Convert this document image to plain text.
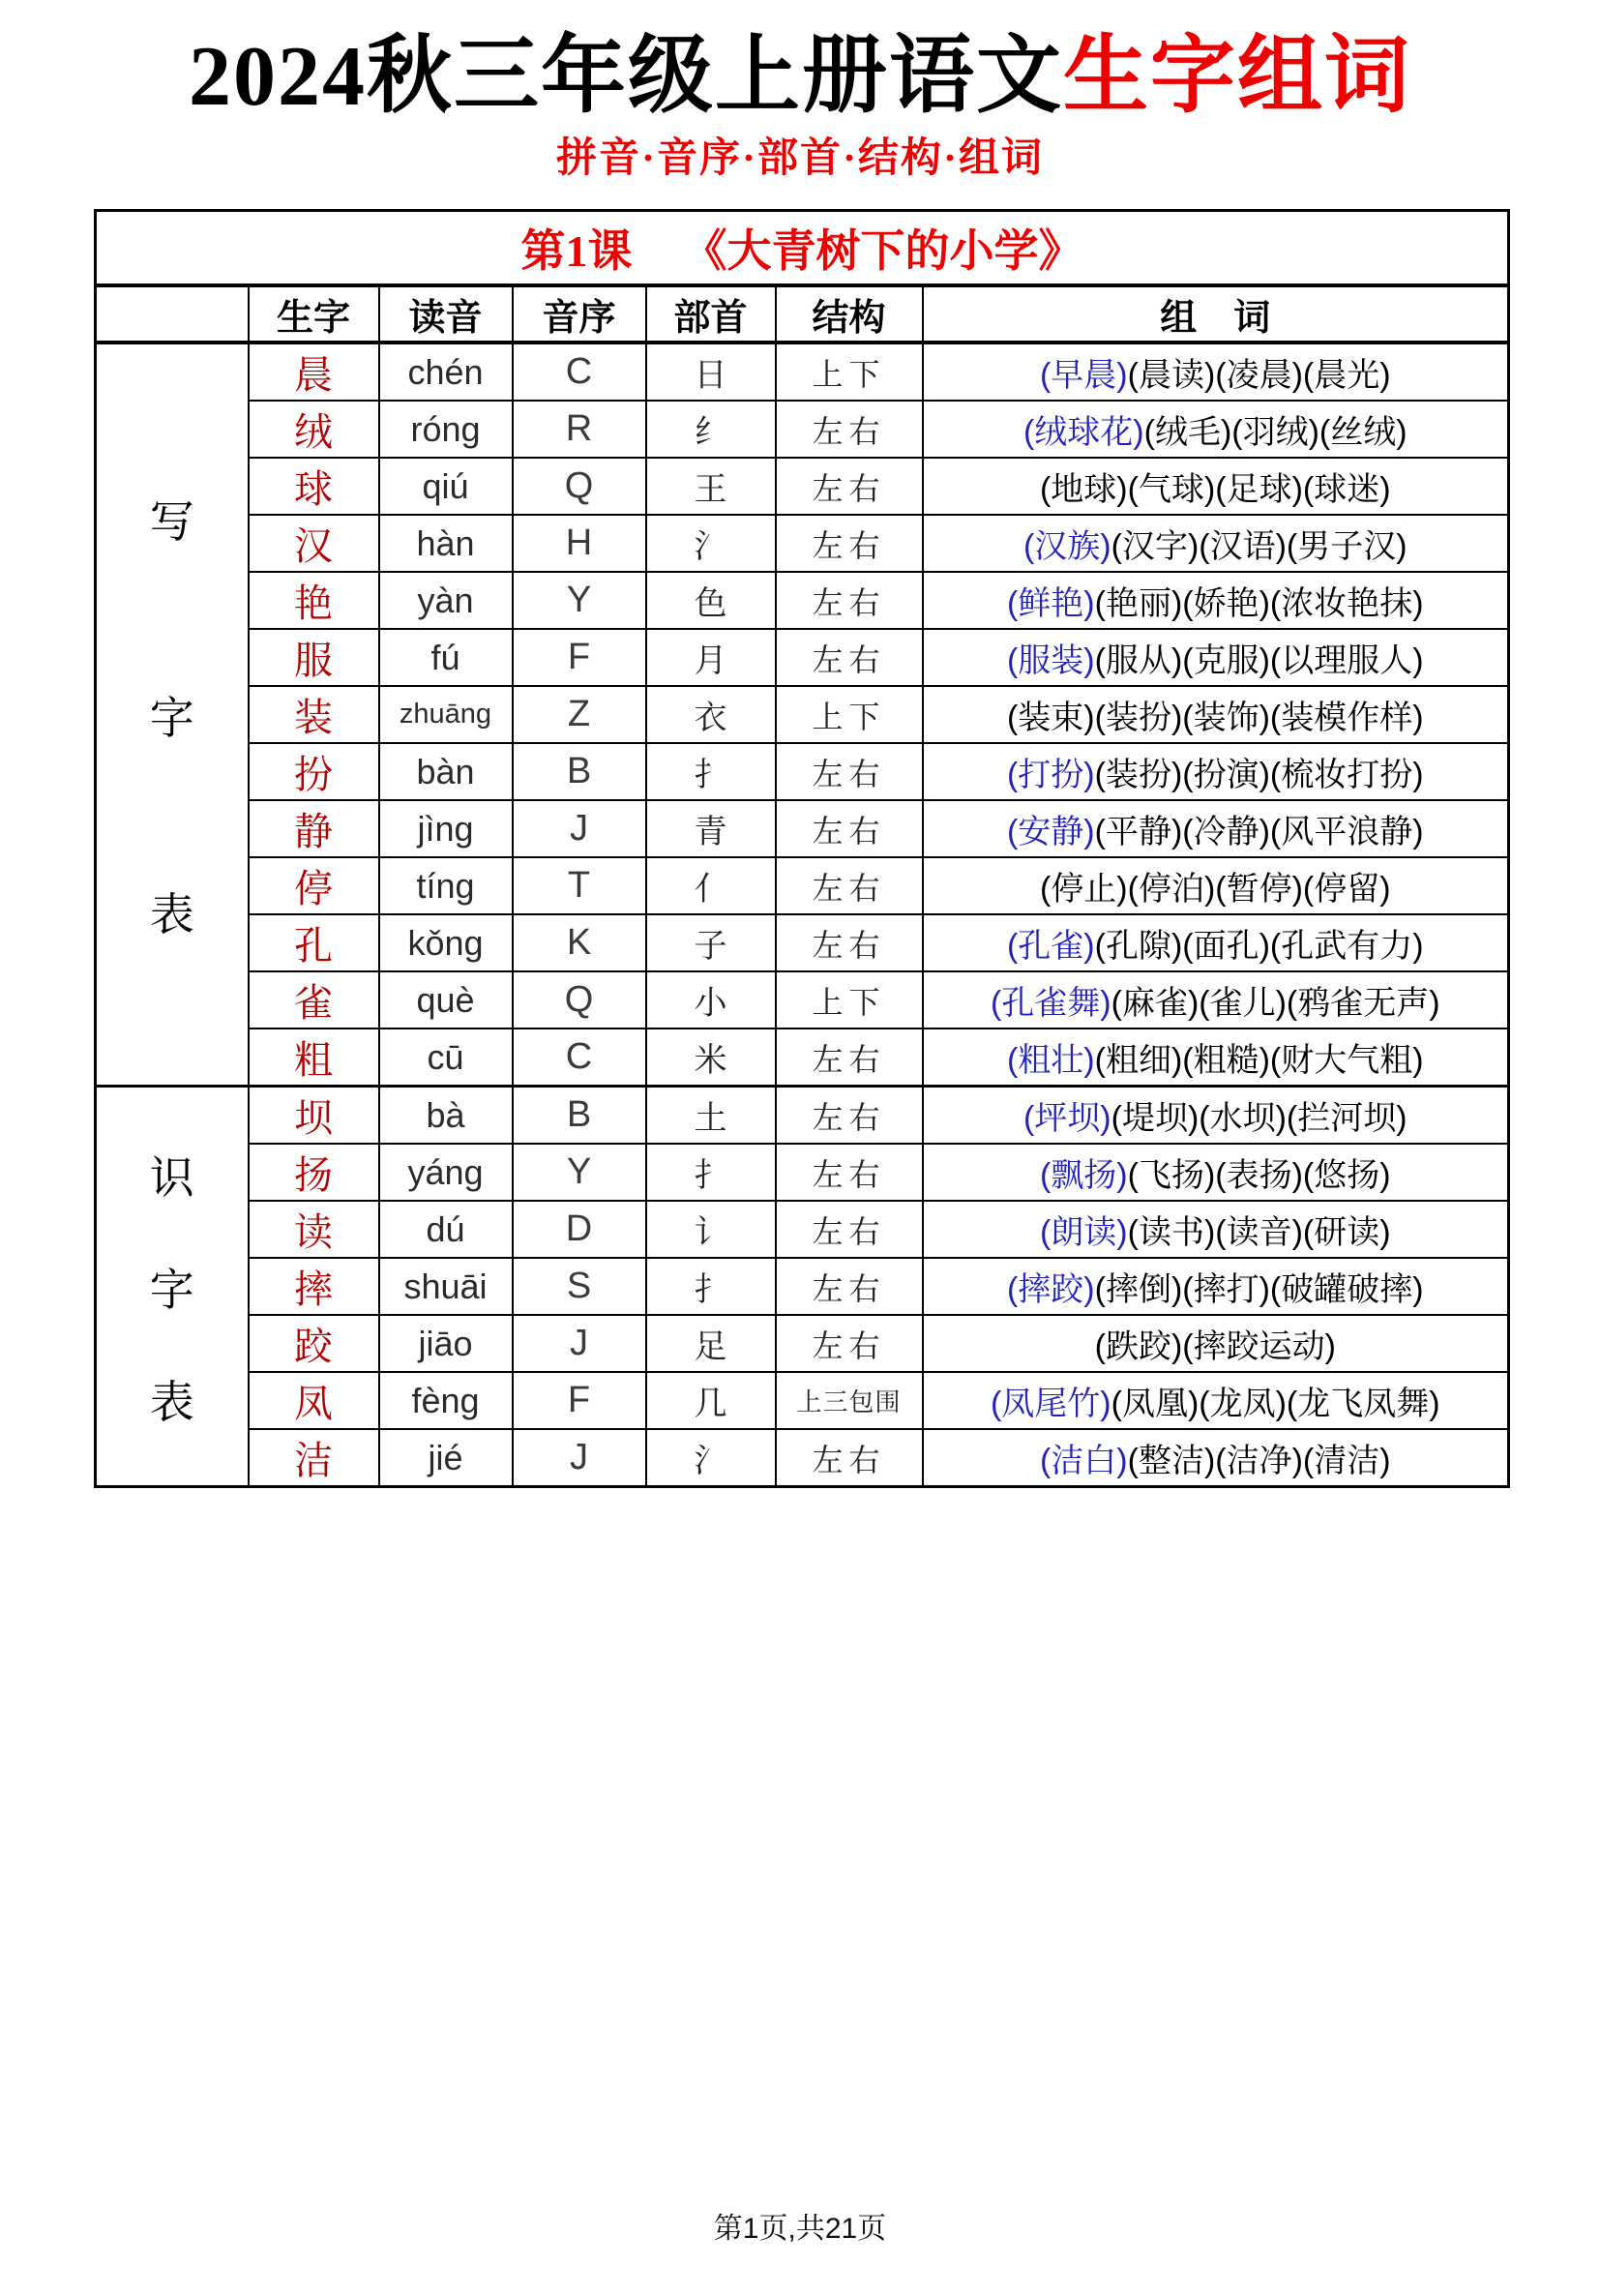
2024秋三年级上册语文生字组词
拼音·音序·部首·结构·组词
第1课 《大青树下的小学》						
	生字	读音	音序	部首	结构	组　词

写
字
表	晨	chén	C	日	上下	(早晨)(晨读)(凌晨)(晨光)
	绒	róng	R	纟	左右	(绒球花)(绒毛)(羽绒)(丝绒)
	球	qiú	Q	王	左右	(地球)(气球)(足球)(球迷)
	汉	hàn	H	氵	左右	(汉族)(汉字)(汉语)(男子汉)
	艳	yàn	Y	色	左右	(鲜艳)(艳丽)(娇艳)(浓妆艳抹)
	服	fú	F	月	左右	(服装)(服从)(克服)(以理服人)
	装	zhuāng	Z	衣	上下	(装束)(装扮)(装饰)(装模作样)
	扮	bàn	B	扌	左右	(打扮)(装扮)(扮演)(梳妆打扮)
	静	jìng	J	青	左右	(安静)(平静)(冷静)(风平浪静)
	停	tíng	T	亻	左右	(停止)(停泊)(暂停)(停留)
	孔	kǒng	K	子	左右	(孔雀)(孔隙)(面孔)(孔武有力)
	雀	què	Q	小	上下	(孔雀舞)(麻雀)(雀儿)(鸦雀无声)
	粗	cū	C	米	左右	(粗壮)(粗细)(粗糙)(财大气粗)

识
字
表	坝	bà	B	土	左右	(坪坝)(堤坝)(水坝)(拦河坝)
	扬	yáng	Y	扌	左右	(飘扬)(飞扬)(表扬)(悠扬)
	读	dú	D	讠	左右	(朗读)(读书)(读音)(研读)
	摔	shuāi	S	扌	左右	(摔跤)(摔倒)(摔打)(破罐破摔)
	跤	jiāo	J	足	左右	(跌跤)(摔跤运动)
	凤	fèng	F	几	上三包围	(凤尾竹)(凤凰)(龙凤)(龙飞凤舞)
	洁	jié	J	氵	左右	(洁白)(整洁)(洁净)(清洁)
第1页,共21页
